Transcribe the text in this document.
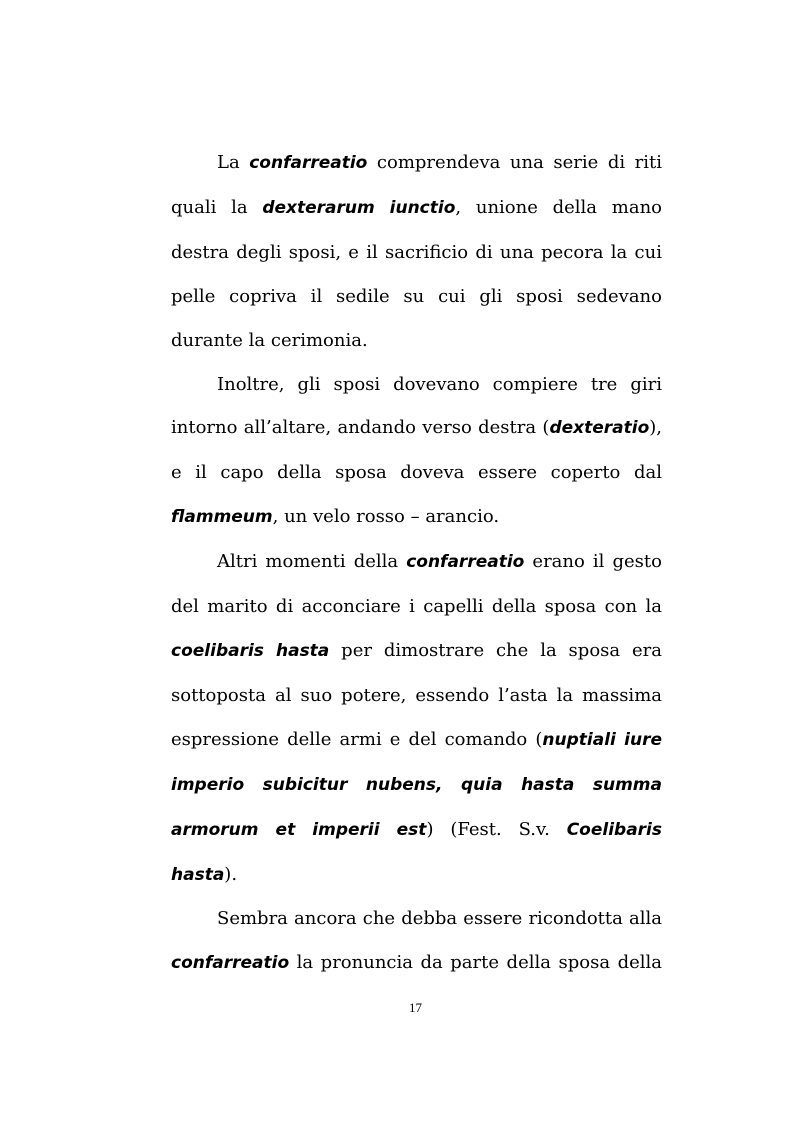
La confarreatio comprendeva una serie di riti quali la dexterarum iunctio, unione della mano destra degli sposi, e il sacrificio di una pecora la cui pelle copriva il sedile su cui gli sposi sedevano durante la cerimonia.

Inoltre, gli sposi dovevano compiere tre giri intorno all’altare, andando verso destra (dexteratio), e il capo della sposa doveva essere coperto dal flammeum, un velo rosso – arancio.

Altri momenti della confarreatio erano il gesto del marito di acconciare i capelli della sposa con la coelibaris hasta per dimostrare che la sposa era sottoposta al suo potere, essendo l’asta la massima espressione delle armi e del comando (nuptiali iure imperio subicitur nubens, quia hasta summa armorum et imperii est) (Fest. S.v. Coelibaris hasta).

Sembra ancora che debba essere ricondotta alla confarreatio la pronuncia da parte della sposa della

17
